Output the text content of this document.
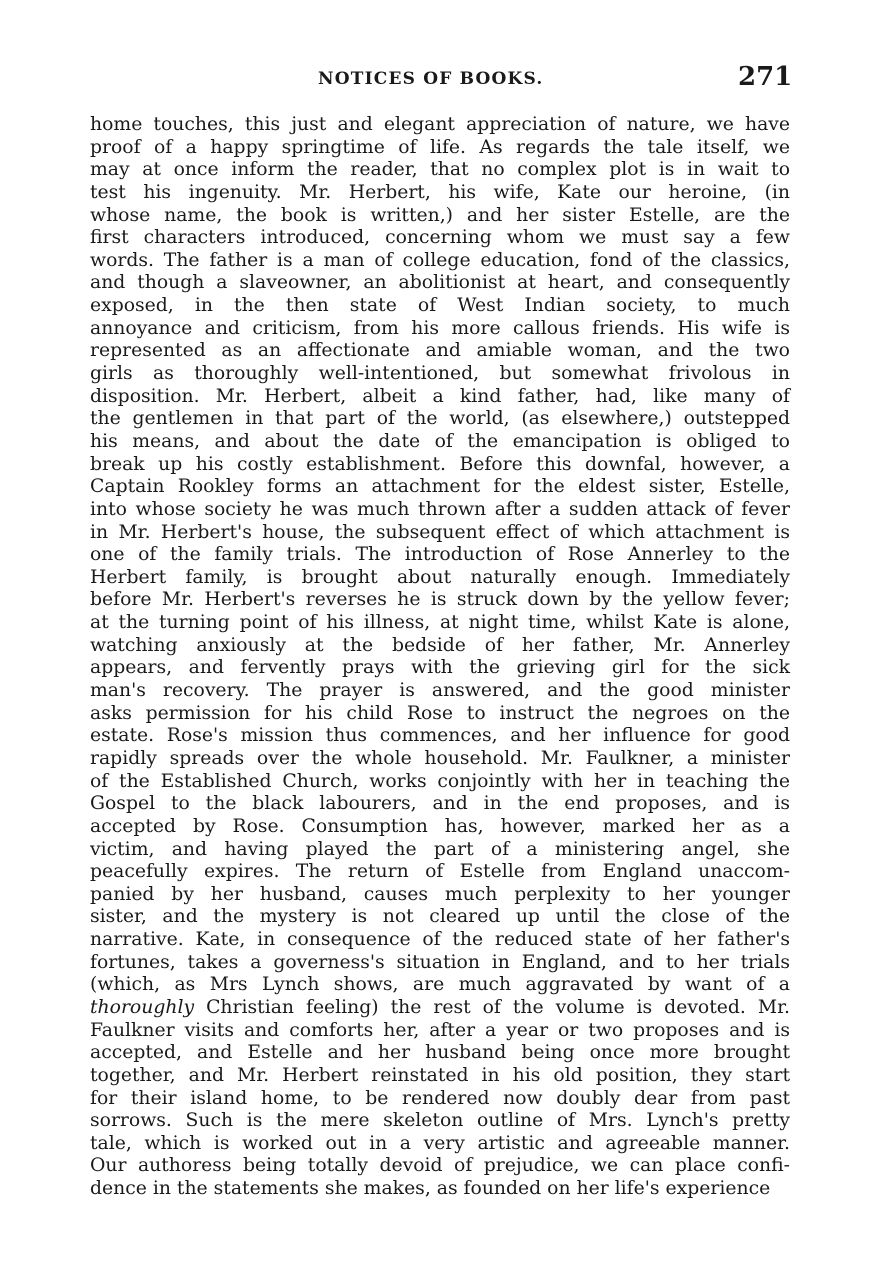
NOTICES OF BOOKS.	271
home touches, this just and elegant appreciation of nature, we have
proof of a happy springtime of life. As regards the tale itself, we
may at once inform the reader, that no complex plot is in wait to
test his ingenuity. Mr. Herbert, his wife, Kate our heroine, (in
whose name, the book is written,) and her sister Estelle, are the
first characters introduced, concerning whom we must say a few
words. The father is a man of college education, fond of the classics,
and though a slaveowner, an abolitionist at heart, and consequently
exposed, in the then state of West Indian society, to much
annoyance and criticism, from his more callous friends. His wife is
represented as an affectionate and amiable woman, and the two
girls as thoroughly well-intentioned, but somewhat frivolous in
disposition. Mr. Herbert, albeit a kind father, had, like many of
the gentlemen in that part of the world, (as elsewhere,) outstepped
his means, and about the date of the emancipation is obliged to
break up his costly establishment. Before this downfal, however, a
Captain Rookley forms an attachment for the eldest sister, Estelle,
into whose society he was much thrown after a sudden attack of fever
in Mr. Herbert's house, the subsequent effect of which attachment is
one of the family trials. The introduction of Rose Annerley to the
Herbert family, is brought about naturally enough. Immediately
before Mr. Herbert's reverses he is struck down by the yellow fever;
at the turning point of his illness, at night time, whilst Kate is alone,
watching anxiously at the bedside of her father, Mr. Annerley
appears, and fervently prays with the grieving girl for the sick
man's recovery. The prayer is answered, and the good minister
asks permission for his child Rose to instruct the negroes on the
estate. Rose's mission thus commences, and her influence for good
rapidly spreads over the whole household. Mr. Faulkner, a minister
of the Established Church, works conjointly with her in teaching the
Gospel to the black labourers, and in the end proposes, and is
accepted by Rose. Consumption has, however, marked her as a
victim, and having played the part of a ministering angel, she
peacefully expires. The return of Estelle from England unaccom-
panied by her husband, causes much perplexity to her younger
sister, and the mystery is not cleared up until the close of the
narrative. Kate, in consequence of the reduced state of her father's
fortunes, takes a governess's situation in England, and to her trials
(which, as Mrs Lynch shows, are much aggravated by want of a
thoroughly Christian feeling) the rest of the volume is devoted. Mr.
Faulkner visits and comforts her, after a year or two proposes and is
accepted, and Estelle and her husband being once more brought
together, and Mr. Herbert reinstated in his old position, they start
for their island home, to be rendered now doubly dear from past
sorrows. Such is the mere skeleton outline of Mrs. Lynch's pretty
tale, which is worked out in a very artistic and agreeable manner.
Our authoress being totally devoid of prejudice, we can place confi-
dence in the statements she makes, as founded on her life's experience
